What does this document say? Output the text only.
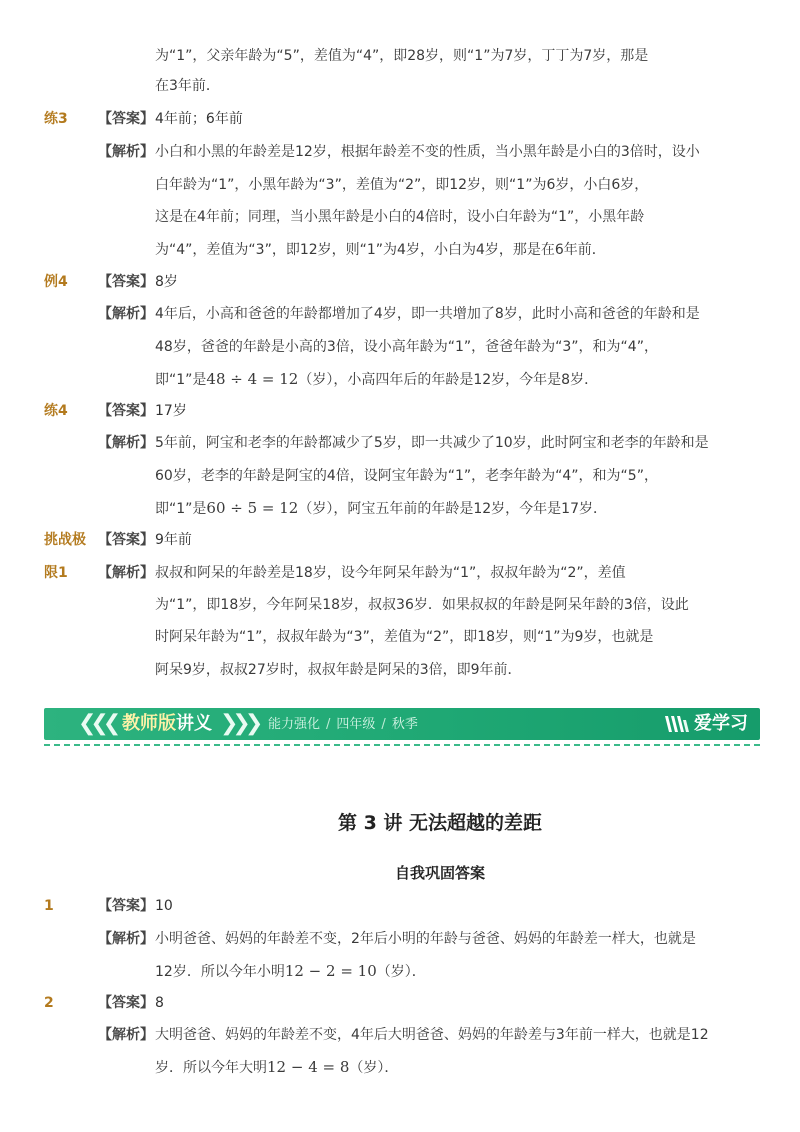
为“1”，父亲年龄为“5”，差值为“4”，即28岁，则“1”为7岁，丁丁为7岁，那是
在3年前．
练3 【答案】 4年前；6年前
【解析】 小白和小黑的年龄差是12岁，根据年龄差不变的性质，当小黑年龄是小白的3倍时，设小
白年龄为“1”，小黑年龄为“3”，差值为“2”，即12岁，则“1”为6岁，小白6岁，
这是在4年前；同理，当小黑年龄是小白的4倍时，设小白年龄为“1”，小黑年龄
为“4”，差值为“3”，即12岁，则“1”为4岁，小白为4岁，那是在6年前．
例4 【答案】 8岁
【解析】 4年后，小高和爸爸的年龄都增加了4岁，即一共增加了8岁，此时小高和爸爸的年龄和是
48岁，爸爸的年龄是小高的3倍，设小高年龄为“1”，爸爸年龄为“3”，和为“4”，
即“1”是48 ÷ 4 = 12（岁），小高四年后的年龄是12岁，今年是8岁．
练4 【答案】 17岁
【解析】 5年前，阿宝和老李的年龄都减少了5岁，即一共减少了10岁，此时阿宝和老李的年龄和是
60岁，老李的年龄是阿宝的4倍，设阿宝年龄为“1”，老李年龄为“4”，和为“5”，
即“1”是60 ÷ 5 = 12（岁），阿宝五年前的年龄是12岁，今年是17岁．
挑战极 【答案】 9年前
限1 【解析】 叔叔和阿呆的年龄差是18岁，设今年阿呆年龄为“1”，叔叔年龄为“2”，差值
为“1”，即18岁，今年阿呆18岁，叔叔36岁．如果叔叔的年龄是阿呆年龄的3倍，设此
时阿呆年龄为“1”，叔叔年龄为“3”，差值为“2”，即18岁，则“1”为9岁，也就是
阿呆9岁，叔叔27岁时，叔叔年龄是阿呆的3倍，即9年前．
❮❮❮ 教师版讲义 ❯❯❯ 能力强化 / 四年级 / 秋季	爱学习
第 3 讲 无法超越的差距
自我巩固答案
1	【答案】 10
【解析】 小明爸爸、妈妈的年龄差不变，2年后小明的年龄与爸爸、妈妈的年龄差一样大，也就是
12岁．所以今年小明12 − 2 = 10（岁）．
2	【答案】 8
【解析】 大明爸爸、妈妈的年龄差不变，4年后大明爸爸、妈妈的年龄差与3年前一样大，也就是12
岁．所以今年大明12 − 4 = 8（岁）．
